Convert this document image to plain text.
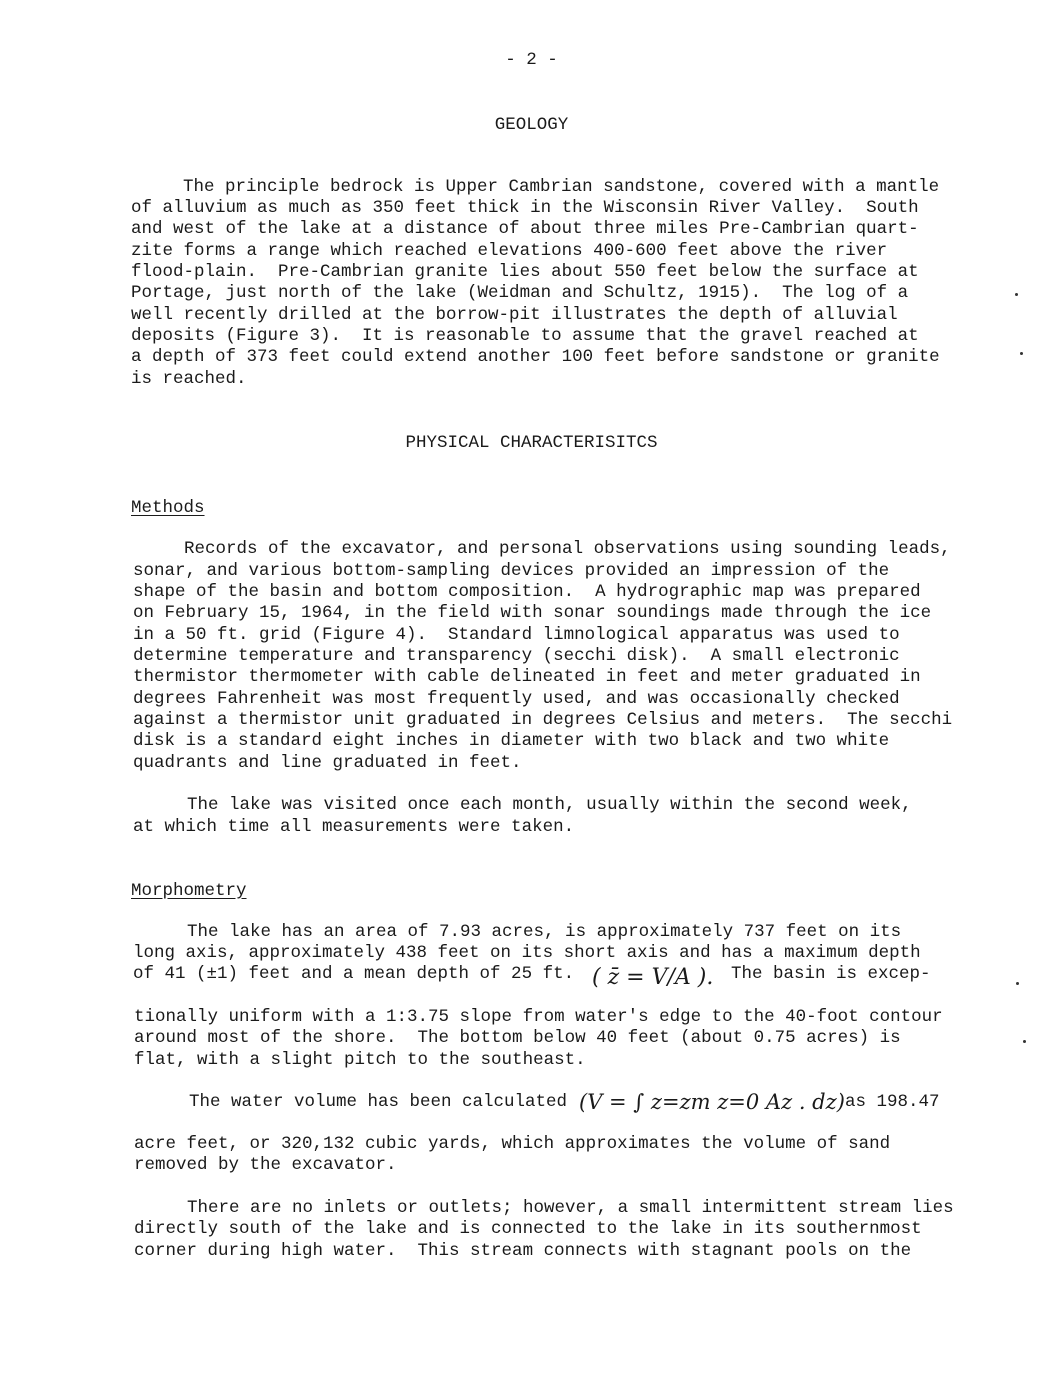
- 2 -
GEOLOGY
The principle bedrock is Upper Cambrian sandstone, covered with a mantle
of alluvium as much as 350 feet thick in the Wisconsin River Valley.  South
and west of the lake at a distance of about three miles Pre-Cambrian quart-
zite forms a range which reached elevations 400-600 feet above the river
flood-plain.  Pre-Cambrian granite lies about 550 feet below the surface at
Portage, just north of the lake (Weidman and Schultz, 1915).  The log of a
well recently drilled at the borrow-pit illustrates the depth of alluvial
deposits (Figure 3).  It is reasonable to assume that the gravel reached at
a depth of 373 feet could extend another 100 feet before sandstone or granite
is reached.
PHYSICAL CHARACTERISITCS
Methods
Records of the excavator, and personal observations using sounding leads,
sonar, and various bottom-sampling devices provided an impression of the
shape of the basin and bottom composition.  A hydrographic map was prepared
on February 15, 1964, in the field with sonar soundings made through the ice
in a 50 ft. grid (Figure 4).  Standard limnological apparatus was used to
determine temperature and transparency (secchi disk).  A small electronic
thermistor thermometer with cable delineated in feet and meter graduated in
degrees Fahrenheit was most frequently used, and was occasionally checked
against a thermistor unit graduated in degrees Celsius and meters.  The secchi
disk is a standard eight inches in diameter with two black and two white
quadrants and line graduated in feet.
The lake was visited once each month, usually within the second week,
at which time all measurements were taken.
Morphometry
The lake has an area of 7.93 acres, is approximately 737 feet on its
long axis, approximately 438 feet on its short axis and has a maximum depth
of 41 (±1) feet and a mean depth of 25 ft. ( z̄ = V/A ). The basin is excep-
tionally uniform with a 1:3.75 slope from water's edge to the 40-foot contour
around most of the shore.  The bottom below 40 feet (about 0.75 acres) is
flat, with a slight pitch to the southeast.
The water volume has been calculated (V = ∫ z=zm z=0 Az . dz) as 198.47
acre feet, or 320,132 cubic yards, which approximates the volume of sand
removed by the excavator.
There are no inlets or outlets; however, a small intermittent stream lies
directly south of the lake and is connected to the lake in its southernmost
corner during high water.  This stream connects with stagnant pools on the
